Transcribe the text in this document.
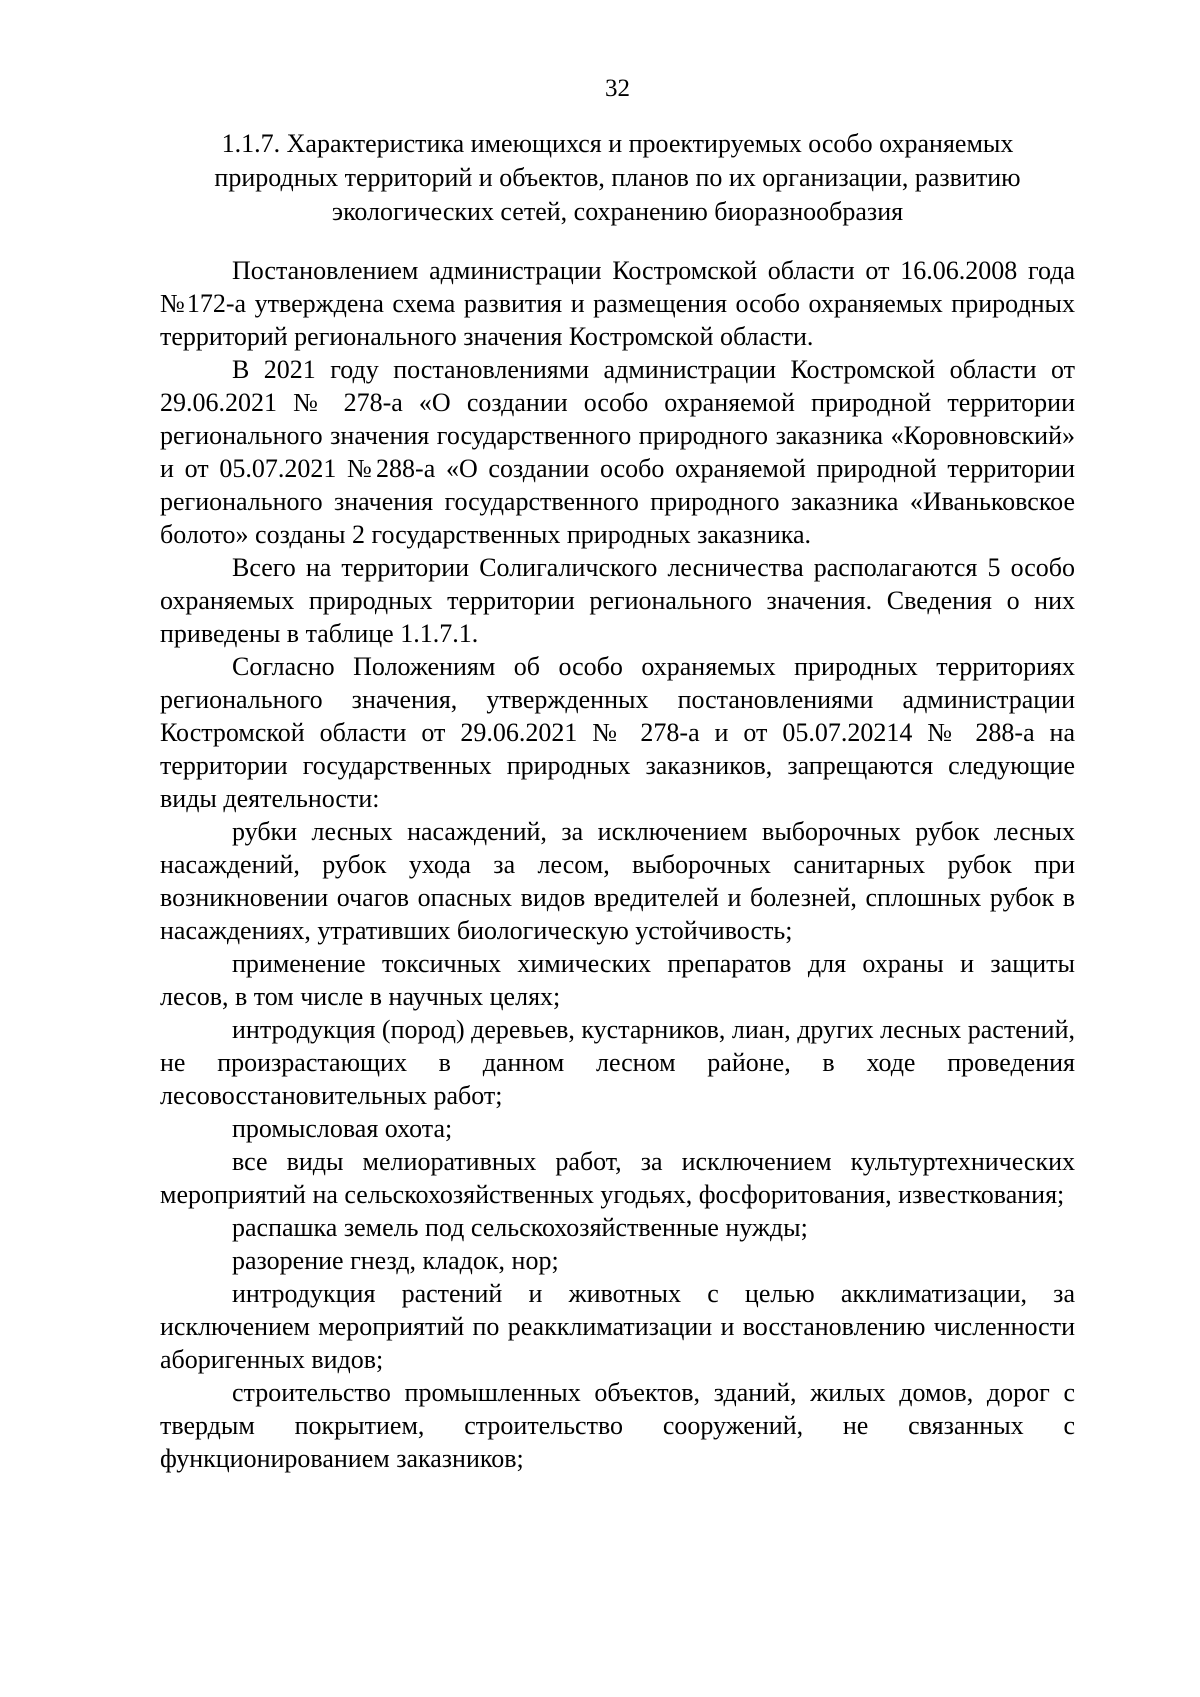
32
1.1.7. Характеристика имеющихся и проектируемых особо охраняемых
природных территорий и объектов, планов по их организации, развитию
экологических сетей, сохранению биоразнообразия

Постановлением администрации Костромской области от 16.06.2008 года №172-а утверждена схема развития и размещения особо охраняемых природных территорий регионального значения Костромской области.

В 2021 году постановлениями администрации Костромской области от 29.06.2021 № 278-а «О создании особо охраняемой природной территории регионального значения государственного природного заказника «Коровновский» и от 05.07.2021 №288-а «О создании особо охраняемой природной территории регионального значения государственного природного заказника «Иваньковское болото» созданы 2 государственных природных заказника.

Всего на территории Солигаличского лесничества располагаются 5 особо охраняемых природных территории регионального значения. Сведения о них приведены в таблице 1.1.7.1.

Согласно Положениям об особо охраняемых природных территориях регионального значения, утвержденных постановлениями администрации Костромской области от 29.06.2021 № 278-а и от 05.07.20214 № 288-а на территории государственных природных заказников, запрещаются следующие виды деятельности:

рубки лесных насаждений, за исключением выборочных рубок лесных насаждений, рубок ухода за лесом, выборочных санитарных рубок при возникновении очагов опасных видов вредителей и болезней, сплошных рубок в насаждениях, утративших биологическую устойчивость;

применение токсичных химических препаратов для охраны и защиты лесов, в том числе в научных целях;

интродукция (пород) деревьев, кустарников, лиан, других лесных растений, не произрастающих в данном лесном районе, в ходе проведения лесовосстановительных работ;

промысловая охота;

все виды мелиоративных работ, за исключением культуртехнических мероприятий на сельскохозяйственных угодьях, фосфоритования, известкования;

распашка земель под сельскохозяйственные нужды;

разорение гнезд, кладок, нор;

интродукция растений и животных с целью акклиматизации, за исключением мероприятий по реакклиматизации и восстановлению численности аборигенных видов;

строительство промышленных объектов, зданий, жилых домов, дорог с твердым покрытием, строительство сооружений, не связанных с функционированием заказников;
